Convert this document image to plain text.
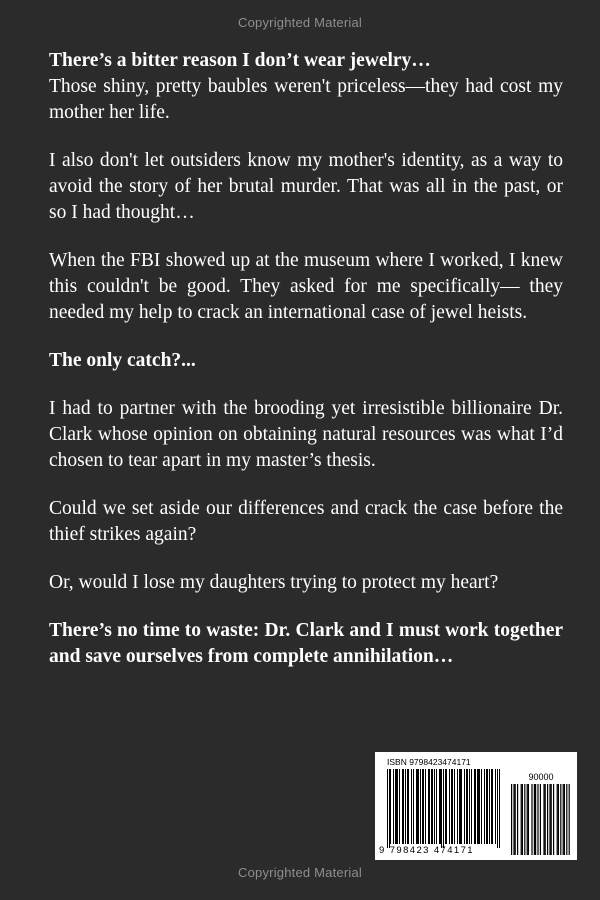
Copyrighted Material

There’s a bitter reason I don’t wear jewelry…
Those shiny, pretty baubles weren't priceless—they had cost my mother her life.

I also don't let outsiders know my mother's identity, as a way to avoid the story of her brutal murder. That was all in the past, or so I had thought…

When the FBI showed up at the museum where I worked, I knew this couldn't be good. They asked for me specifically— they needed my help to crack an international case of jewel heists.

The only catch?...

I had to partner with the brooding yet irresistible billionaire Dr. Clark whose opinion on obtaining natural resources was what I’d chosen to tear apart in my master’s thesis.

Could we set aside our differences and crack the case before the thief strikes again?

Or, would I lose my daughters trying to protect my heart?

There’s no time to waste: Dr. Clark and I must work together and save ourselves from complete annihilation…

ISBN 9798423474171
90000
9 798423 474171
Copyrighted Material
